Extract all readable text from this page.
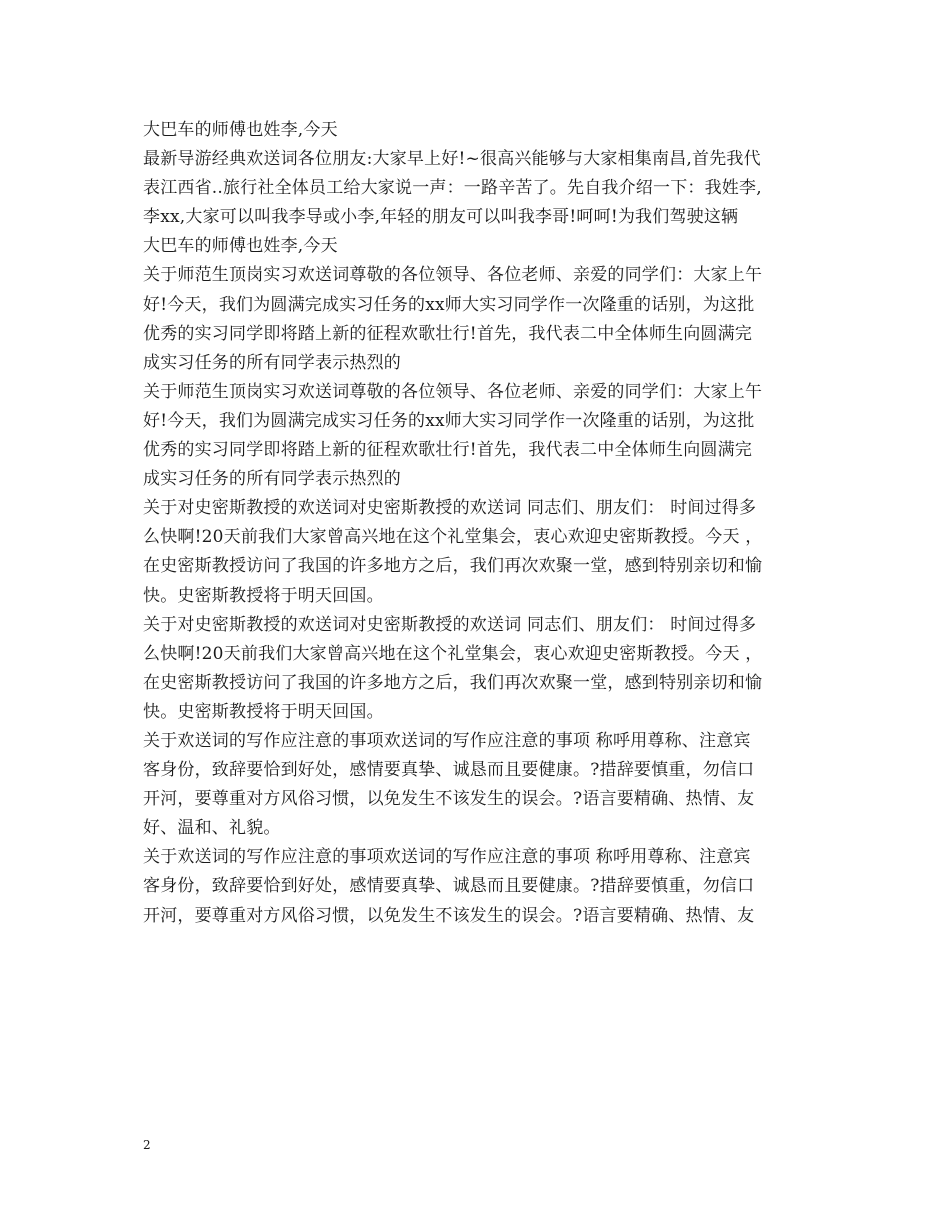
大巴车的师傅也姓李,今天
最新导游经典欢送词各位朋友:大家早上好!~很高兴能够与大家相集南昌,首先我代
表江西省..旅行社全体员工给大家说一声：一路辛苦了。先自我介绍一下：我姓李,
李xx,大家可以叫我李导或小李,年轻的朋友可以叫我李哥!呵呵!为我们驾驶这辆
大巴车的师傅也姓李,今天
关于师范生顶岗实习欢送词尊敬的各位领导、各位老师、亲爱的同学们：大家上午
好!今天，我们为圆满完成实习任务的xx师大实习同学作一次隆重的话别，为这批
优秀的实习同学即将踏上新的征程欢歌壮行!首先，我代表二中全体师生向圆满完
成实习任务的所有同学表示热烈的
关于师范生顶岗实习欢送词尊敬的各位领导、各位老师、亲爱的同学们：大家上午
好!今天，我们为圆满完成实习任务的xx师大实习同学作一次隆重的话别，为这批
优秀的实习同学即将踏上新的征程欢歌壮行!首先，我代表二中全体师生向圆满完
成实习任务的所有同学表示热烈的
关于对史密斯教授的欢送词对史密斯教授的欢送词 同志们、朋友们： 时间过得多
么快啊!20天前我们大家曾高兴地在这个礼堂集会，衷心欢迎史密斯教授。今天 ，
在史密斯教授访问了我国的许多地方之后，我们再次欢聚一堂，感到特别亲切和愉
快。史密斯教授将于明天回国。
关于对史密斯教授的欢送词对史密斯教授的欢送词 同志们、朋友们： 时间过得多
么快啊!20天前我们大家曾高兴地在这个礼堂集会，衷心欢迎史密斯教授。今天 ，
在史密斯教授访问了我国的许多地方之后，我们再次欢聚一堂，感到特别亲切和愉
快。史密斯教授将于明天回国。
关于欢送词的写作应注意的事项欢送词的写作应注意的事项 称呼用尊称、注意宾
客身份，致辞要恰到好处，感情要真挚、诚恳而且要健康。?措辞要慎重，勿信口
开河，要尊重对方风俗习惯，以免发生不该发生的误会。?语言要精确、热情、友
好、温和、礼貌。
关于欢送词的写作应注意的事项欢送词的写作应注意的事项 称呼用尊称、注意宾
客身份，致辞要恰到好处，感情要真挚、诚恳而且要健康。?措辞要慎重，勿信口
开河，要尊重对方风俗习惯，以免发生不该发生的误会。?语言要精确、热情、友
2
